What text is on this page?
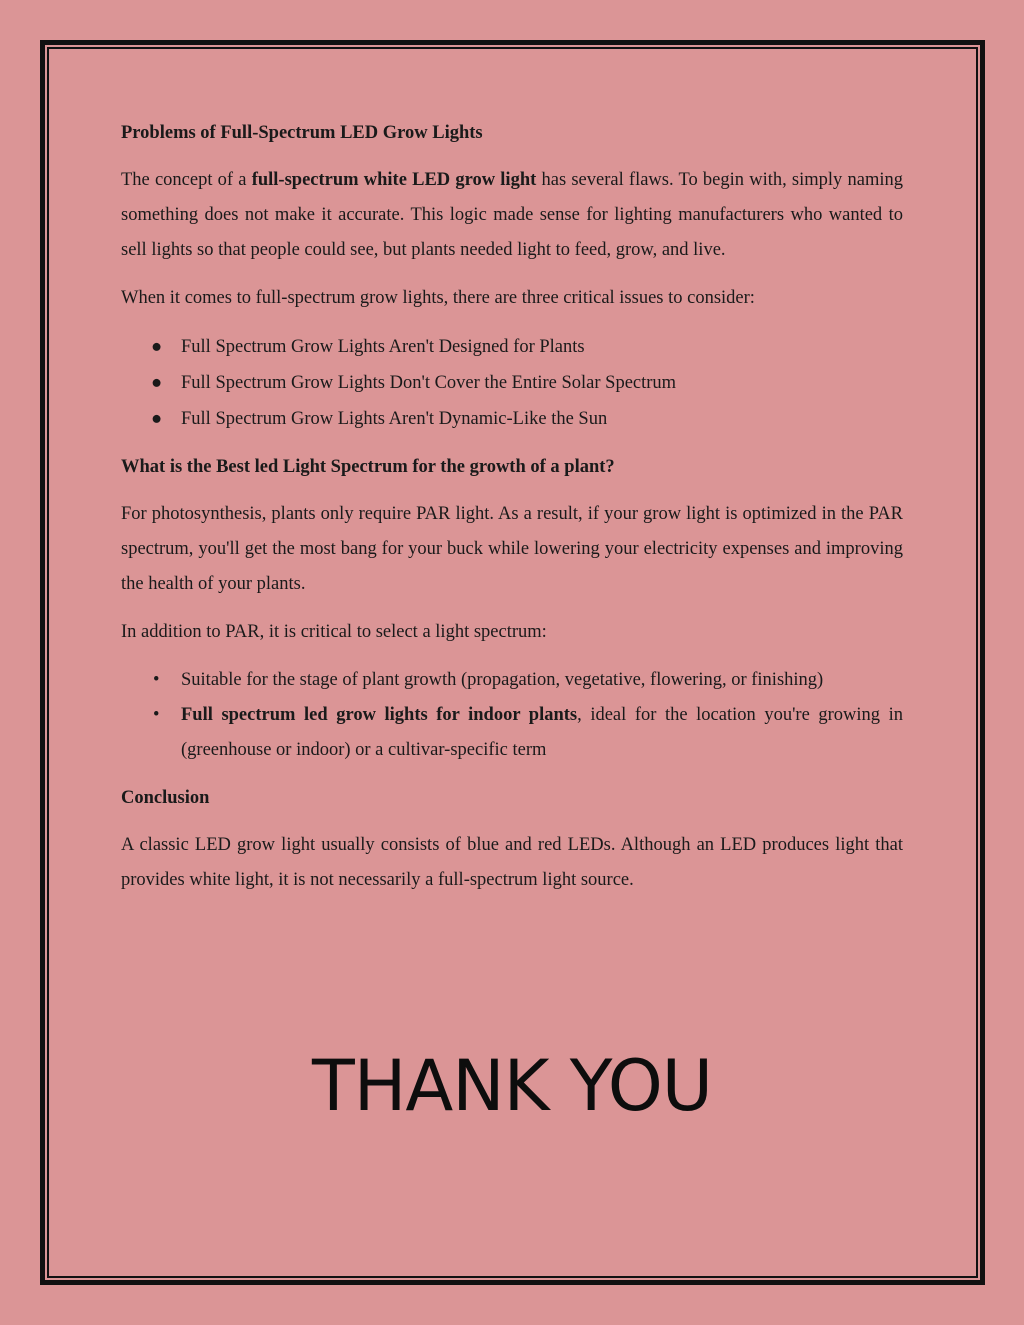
Problems of Full-Spectrum LED Grow Lights

The concept of a full-spectrum white LED grow light has several flaws. To begin with, simply naming something does not make it accurate. This logic made sense for lighting manufacturers who wanted to sell lights so that people could see, but plants needed light to feed, grow, and live.

When it comes to full-spectrum grow lights, there are three critical issues to consider:

● Full Spectrum Grow Lights Aren't Designed for Plants
● Full Spectrum Grow Lights Don't Cover the Entire Solar Spectrum
● Full Spectrum Grow Lights Aren't Dynamic-Like the Sun

What is the Best led Light Spectrum for the growth of a plant?

For photosynthesis, plants only require PAR light. As a result, if your grow light is optimized in the PAR spectrum, you'll get the most bang for your buck while lowering your electricity expenses and improving the health of your plants.

In addition to PAR, it is critical to select a light spectrum:

• Suitable for the stage of plant growth (propagation, vegetative, flowering, or finishing)
• Full spectrum led grow lights for indoor plants, ideal for the location you're growing in (greenhouse or indoor) or a cultivar-specific term

Conclusion

A classic LED grow light usually consists of blue and red LEDs. Although an LED produces light that provides white light, it is not necessarily a full-spectrum light source.

THANK YOU
